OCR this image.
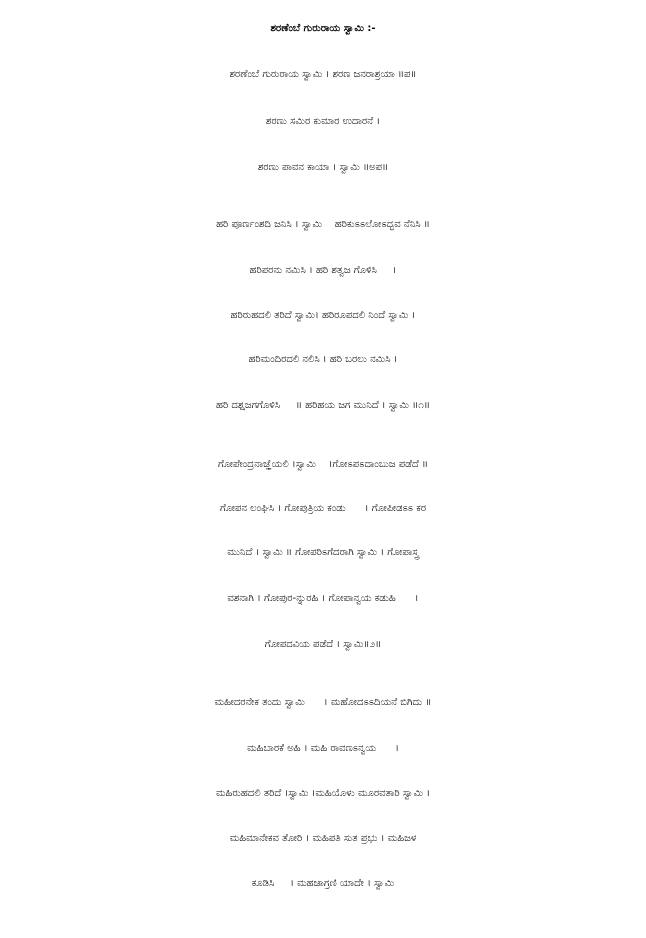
ಶರಣೆಂಬೆ ಗುರುರಾಯ ಸ್ವಾಮಿ :-
ಶರಣೆಂಬೆ ಗುರುರಾಯ ಸ್ವಾಮಿ । ಶರಣ ಜನರಾಶ್ರಯಾ ॥ಪ॥
ಶರಣು ಸಮಿರ ಕುಮಾರ ಉದಾರನೆ ।
ಶರಣು ಪಾವನ ಕಾಯಾ । ಸ್ವಾಮಿ ॥ಅಪ॥
ಹರಿ ಪೂರ್ಣಂಶದಿ ಜನಿಸಿ । ಸ್ವಾಮಿ    ಹರಿಕುಽಽಲೋಽದ್ಭವ ನೆನಿಸಿ ॥
ಹರಿಪರನು ನಮಿಸಿ । ಹರಿ ಶತ್ವಜ ಗೊಳಿಸಿ     ।
ಹರಿರುಹದಲಿ ತರಿದೆ ಸ್ವಾಮಿ। ಹರಿರೂಪದಲಿ ನಿಂದೆ ಸ್ವಾಮಿ ।
ಹರಿಮಂದಿರದಲಿ ನಲಿಸಿ । ಹರಿ ಬರಲು ನಮಿಸಿ ।
ಹರಿ ದಶ್ಷಜಗಗೊಳಿಸಿ     ॥ ಹರಿಹಯ ಜಗ ಮುನಿದೆ । ಸ್ವಾಮಿ ॥೧॥
ಗೋಪೇಂದ್ರನಾಜ್ಞೆಯಲಿ ।ಸ್ವಾಮಿ    ।ಗೋಽಪಽದಾಂಬುಜ ಪಡೆದೆ ॥
ಗೋಪನ ಲಂಘಿಸಿ । ಗೋಪುತ್ರಿಯ ಕಂಡು      । ಗೋಪೀಡಽಽ ಕರ
ಮುನಿದೆ । ಸ್ವಾಮಿ ॥ ಗೋಪರಿಽಗೆದರಾಗಿ ಸ್ವಾಮಿ । ಗೋಪಾಸ್ತ್ರ
ವಶನಾಗಿ । ಗೋಪುರ-ನ್ನುರಹಿ । ಗೋಪಾನ್ವಯ ಕಡುಹಿ      ।
ಗೋಪದವಿಯ ಪಡೆದೆ । ಸ್ವಾಮಿ॥೨॥
ಮಹೀದರನೇಕ ತಂದು ಸ್ವಾಮಿ      । ಮಹೋದಽಽದಿಯನೆ ಬಿಗಿದು ॥
ಮಹಿಬಾರಕೆ ಅಹಿ । ಮಹಿ ರಾವಣಽನ್ವಯ      ।
ಮಹಿರುಹದಲಿ ತರಿದೆ ।ಸ್ವಾಮಿ ।ಮಹಿಯೊಳು ಮೂರವತಾರಿ ಸ್ವಾಮಿ ।
ಮಹಿಮಾನೇಕವ ತೋರಿ । ಮಹಿಪತಿ ಸುತ ಪ್ರಭು । ಮಹಿಜಳ
ಕೂಡಿಸಿ     । ಮಹಜಾಗ್ರಣಿ ಯಾದೇ । ಸ್ವಾಮಿ
